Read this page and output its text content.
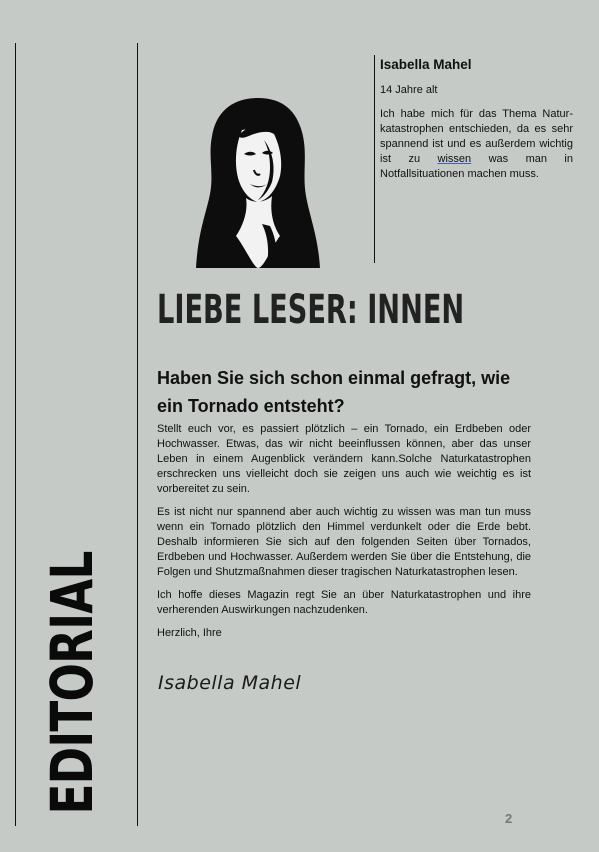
EDITORIAL

Isabella Mahel

14 Jahre alt

Ich habe mich für das Thema Natur-katastrophen entschieden, da es sehr spannend ist und es außerdem wichtig ist zu wissen was man in Notfallsituationen machen muss.

LIEBE LESER: INNEN
Haben Sie sich schon einmal gefragt, wie ein Tornado entsteht?

Stellt euch vor, es passiert plötzlich – ein Tornado, ein Erdbeben oder Hochwasser. Etwas, das wir nicht beeinflussen können, aber das unser Leben in einem Augenblick verändern kann.Solche Naturkatastrophen erschrecken uns vielleicht doch sie zeigen uns auch wie weichtig es ist vorbereitet zu sein.

Es ist nicht nur spannend aber auch wichtig zu wissen was man tun muss wenn ein Tornado plötzlich den Himmel verdunkelt oder die Erde bebt. Deshalb informieren Sie sich auf den folgenden Seiten über Tornados, Erdbeben und Hochwasser. Außerdem werden Sie über die Entstehung, die Folgen und Shutzmaßnahmen dieser tragischen Naturkatastrophen lesen.

Ich hoffe dieses Magazin regt Sie an über Naturkatastrophen und ihre verherenden Auswirkungen nachzudenken.

Herzlich, Ihre

Isabella Mahel
2
